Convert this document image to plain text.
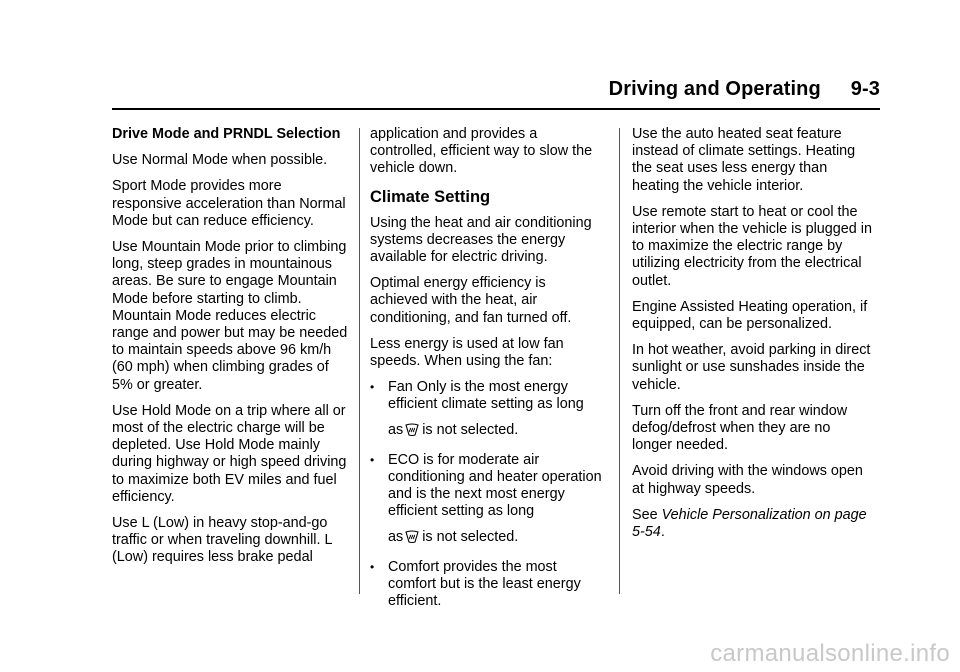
Driving and Operating 9-3

Drive Mode and PRNDL Selection

Use Normal Mode when possible.

Sport Mode provides more responsive acceleration than Normal Mode but can reduce efficiency.

Use Mountain Mode prior to climbing long, steep grades in mountainous areas. Be sure to engage Mountain Mode before starting to climb. Mountain Mode reduces electric range and power but may be needed to maintain speeds above 96 km/h (60 mph) when climbing grades of 5% or greater.

Use Hold Mode on a trip where all or most of the electric charge will be depleted. Use Hold Mode mainly during highway or high speed driving to maximize both EV miles and fuel efficiency.

Use L (Low) in heavy stop-and-go traffic or when traveling downhill. L (Low) requires less brake pedal

application and provides a controlled, efficient way to slow the vehicle down.

Climate Setting

Using the heat and air conditioning systems decreases the energy available for electric driving.

Optimal energy efficiency is achieved with the heat, air conditioning, and fan turned off.

Less energy is used at low fan speeds. When using the fan:

• Fan Only is the most energy efficient climate setting as long
as is not selected.
• ECO is for moderate air conditioning and heater operation and is the next most energy efficient setting as long
as is not selected.
• Comfort provides the most comfort but is the least energy efficient.

Use the auto heated seat feature instead of climate settings. Heating the seat uses less energy than heating the vehicle interior.

Use remote start to heat or cool the interior when the vehicle is plugged in to maximize the electric range by utilizing electricity from the electrical outlet.

Engine Assisted Heating operation, if equipped, can be personalized.

In hot weather, avoid parking in direct sunlight or use sunshades inside the vehicle.

Turn off the front and rear window defog/defrost when they are no longer needed.

Avoid driving with the windows open at highway speeds.

See Vehicle Personalization on page 5-54.

carmanualsonline.info
